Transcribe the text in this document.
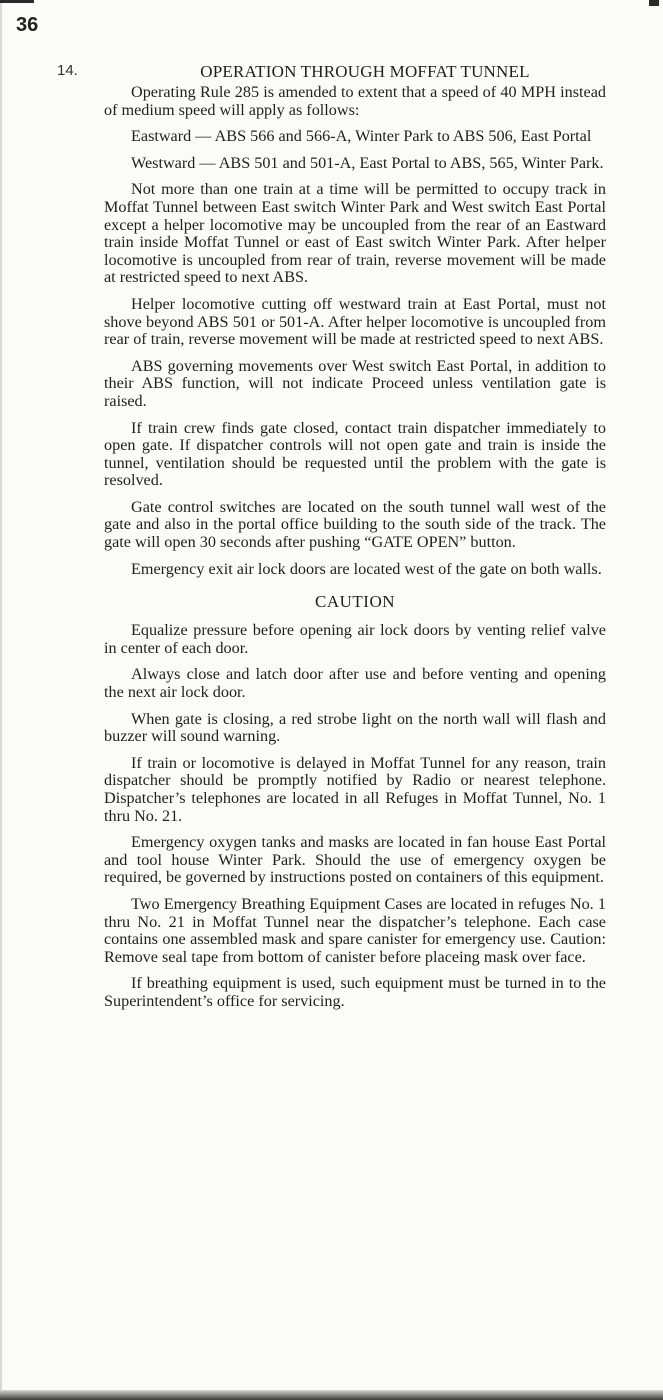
36
14.	OPERATION THROUGH MOFFAT TUNNEL

Operating Rule 285 is amended to extent that a speed of 40 MPH instead of medium speed will apply as follows:

Eastward — ABS 566 and 566-A, Winter Park to ABS 506, East Portal

Westward — ABS 501 and 501-A, East Portal to ABS, 565, Winter Park.

Not more than one train at a time will be permitted to occupy track in Moffat Tunnel between East switch Winter Park and West switch East Portal except a helper locomotive may be uncoupled from the rear of an Eastward train inside Moffat Tunnel or east of East switch Winter Park. After helper locomotive is uncoupled from rear of train, reverse movement will be made at restricted speed to next ABS.

Helper locomotive cutting off westward train at East Portal, must not shove beyond ABS 501 or 501-A. After helper locomotive is uncoupled from rear of train, reverse movement will be made at restricted speed to next ABS.

ABS governing movements over West switch East Portal, in addition to their ABS function, will not indicate Proceed unless ventilation gate is raised.

If train crew finds gate closed, contact train dispatcher immediately to open gate. If dispatcher controls will not open gate and train is inside the tunnel, ventilation should be requested until the problem with the gate is resolved.

Gate control switches are located on the south tunnel wall west of the gate and also in the portal office building to the south side of the track. The gate will open 30 seconds after pushing “GATE OPEN” button.

Emergency exit air lock doors are located west of the gate on both walls.

CAUTION

Equalize pressure before opening air lock doors by venting relief valve in center of each door.

Always close and latch door after use and before venting and opening the next air lock door.

When gate is closing, a red strobe light on the north wall will flash and buzzer will sound warning.

If train or locomotive is delayed in Moffat Tunnel for any reason, train dispatcher should be promptly notified by Radio or nearest telephone. Dispatcher’s telephones are located in all Refuges in Moffat Tunnel, No. 1 thru No. 21.

Emergency oxygen tanks and masks are located in fan house East Portal and tool house Winter Park. Should the use of emergency oxygen be required, be governed by instructions posted on containers of this equipment.

Two Emergency Breathing Equipment Cases are located in refuges No. 1 thru No. 21 in Moffat Tunnel near the dispatcher’s telephone. Each case contains one assembled mask and spare canister for emergency use. Caution: Remove seal tape from bottom of canister before placeing mask over face.

If breathing equipment is used, such equipment must be turned in to the Superintendent’s office for servicing.
